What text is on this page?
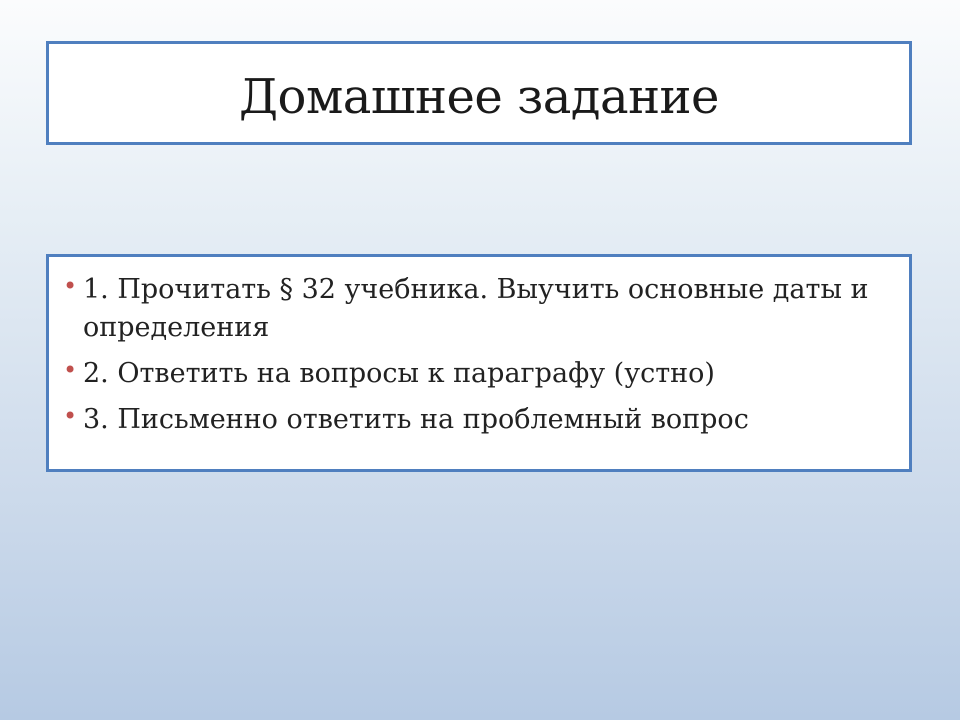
Домашнее задание
• 1. Прочитать § 32 учебника. Выучить основные даты и определения
• 2. Ответить на вопросы к параграфу (устно)
• 3. Письменно ответить на проблемный вопрос
